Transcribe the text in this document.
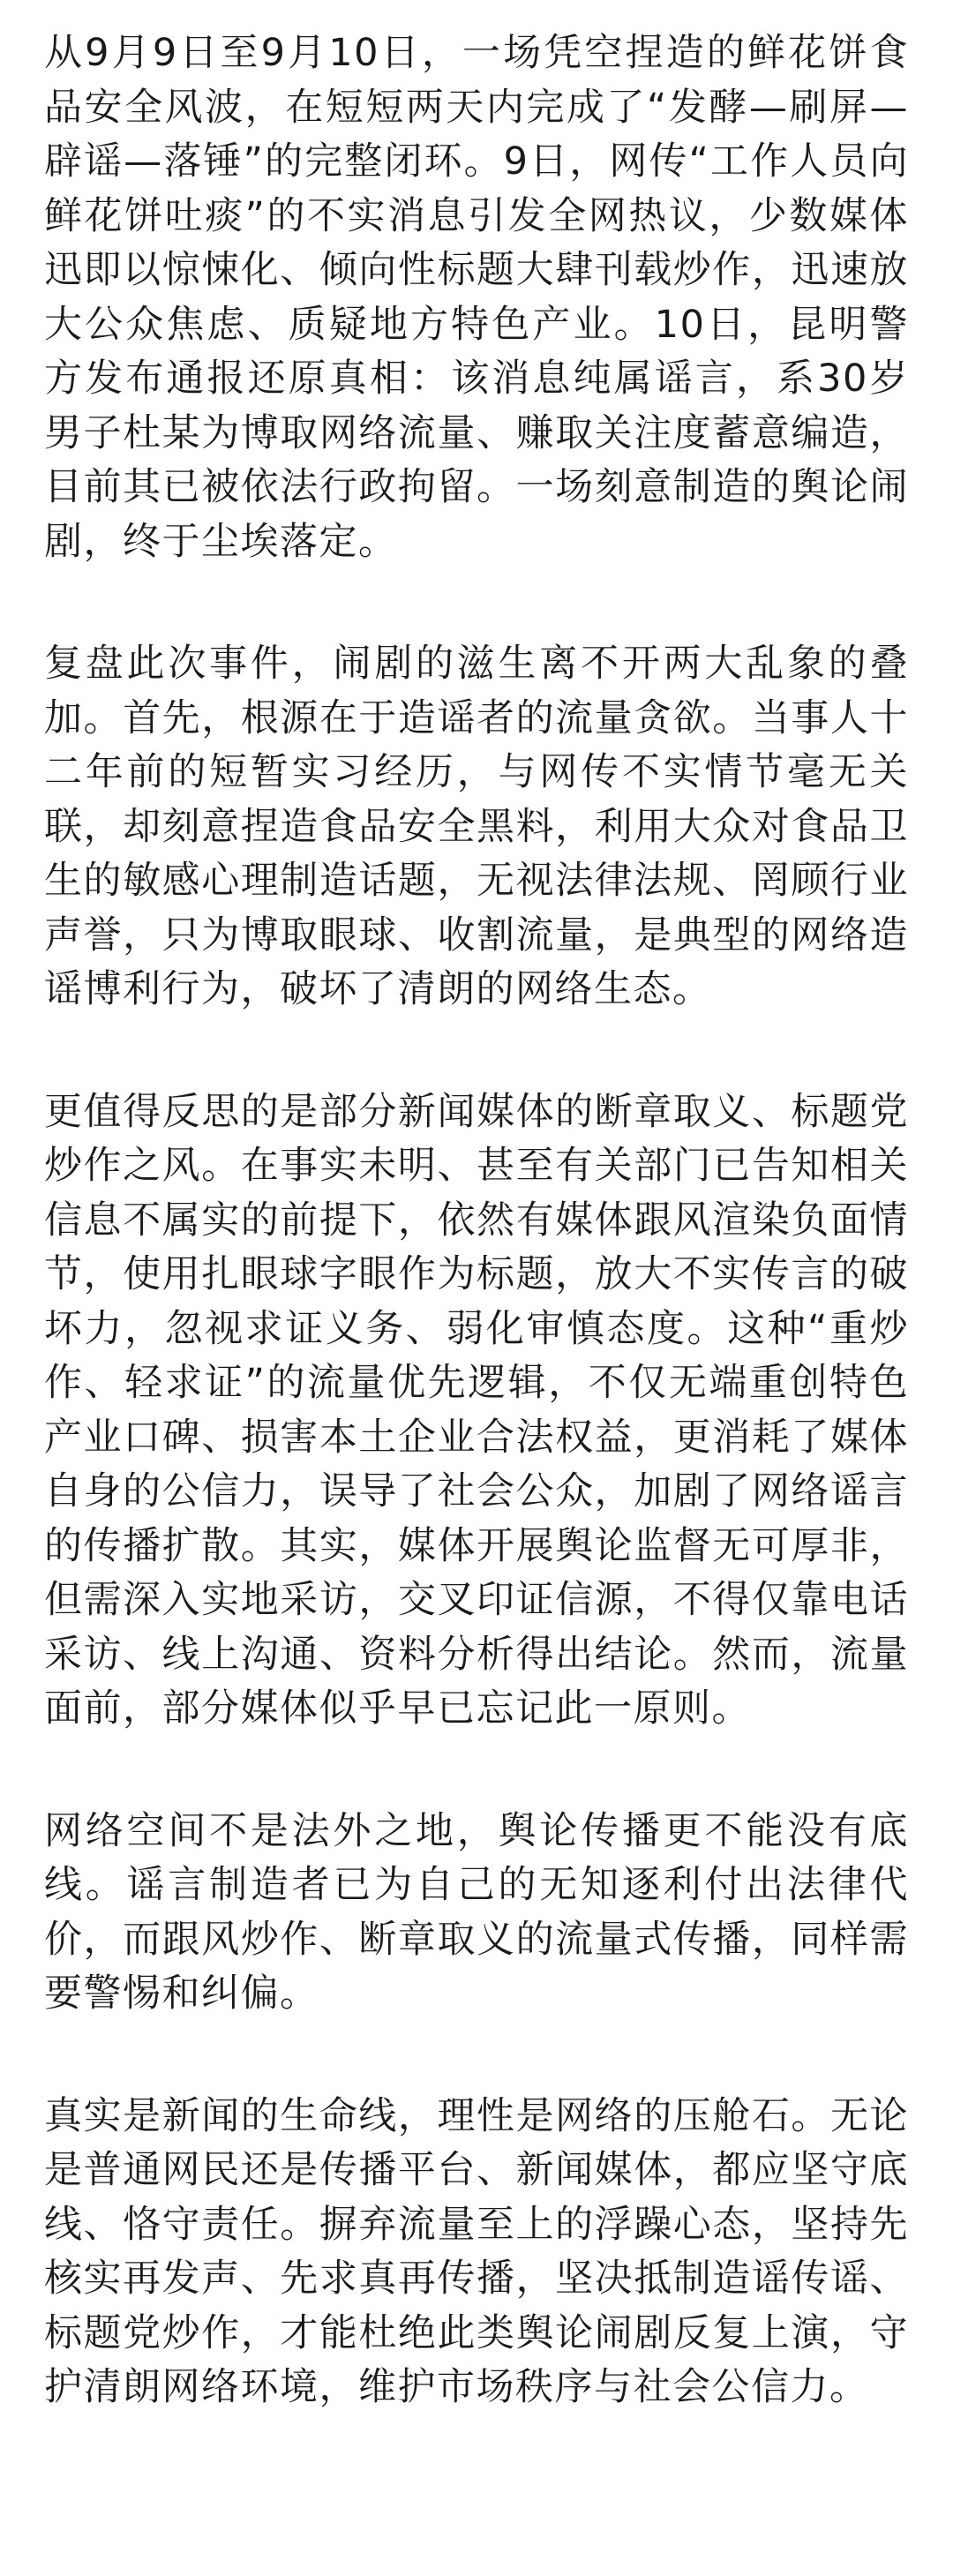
从9月9日至9月10日，一场凭空捏造的鲜花饼食品安全风波，在短短两天内完成了“发酵—刷屏—辟谣—落锤”的完整闭环。9日，网传“工作人员向鲜花饼吐痰”的不实消息引发全网热议，少数媒体迅即以惊悚化、倾向性标题大肆刊载炒作，迅速放大公众焦虑、质疑地方特色产业。10日，昆明警方发布通报还原真相：该消息纯属谣言，系30岁男子杜某为博取网络流量、赚取关注度蓄意编造，目前其已被依法行政拘留。一场刻意制造的舆论闹剧，终于尘埃落定。

复盘此次事件，闹剧的滋生离不开两大乱象的叠加。首先，根源在于造谣者的流量贪欲。当事人十二年前的短暂实习经历，与网传不实情节毫无关联，却刻意捏造食品安全黑料，利用大众对食品卫生的敏感心理制造话题，无视法律法规、罔顾行业声誉，只为博取眼球、收割流量，是典型的网络造谣博利行为，破坏了清朗的网络生态。

更值得反思的是部分新闻媒体的断章取义、标题党炒作之风。在事实未明、甚至有关部门已告知相关信息不属实的前提下，依然有媒体跟风渲染负面情节，使用扎眼球字眼作为标题，放大不实传言的破坏力，忽视求证义务、弱化审慎态度。这种“重炒作、轻求证”的流量优先逻辑，不仅无端重创特色产业口碑、损害本土企业合法权益，更消耗了媒体自身的公信力，误导了社会公众，加剧了网络谣言的传播扩散。其实，媒体开展舆论监督无可厚非，但需深入实地采访，交叉印证信源，不得仅靠电话采访、线上沟通、资料分析得出结论。然而，流量面前，部分媒体似乎早已忘记此一原则。

网络空间不是法外之地，舆论传播更不能没有底线。谣言制造者已为自己的无知逐利付出法律代价，而跟风炒作、断章取义的流量式传播，同样需要警惕和纠偏。

真实是新闻的生命线，理性是网络的压舱石。无论是普通网民还是传播平台、新闻媒体，都应坚守底线、恪守责任。摒弃流量至上的浮躁心态，坚持先核实再发声、先求真再传播，坚决抵制造谣传谣、标题党炒作，才能杜绝此类舆论闹剧反复上演，守护清朗网络环境，维护市场秩序与社会公信力。
